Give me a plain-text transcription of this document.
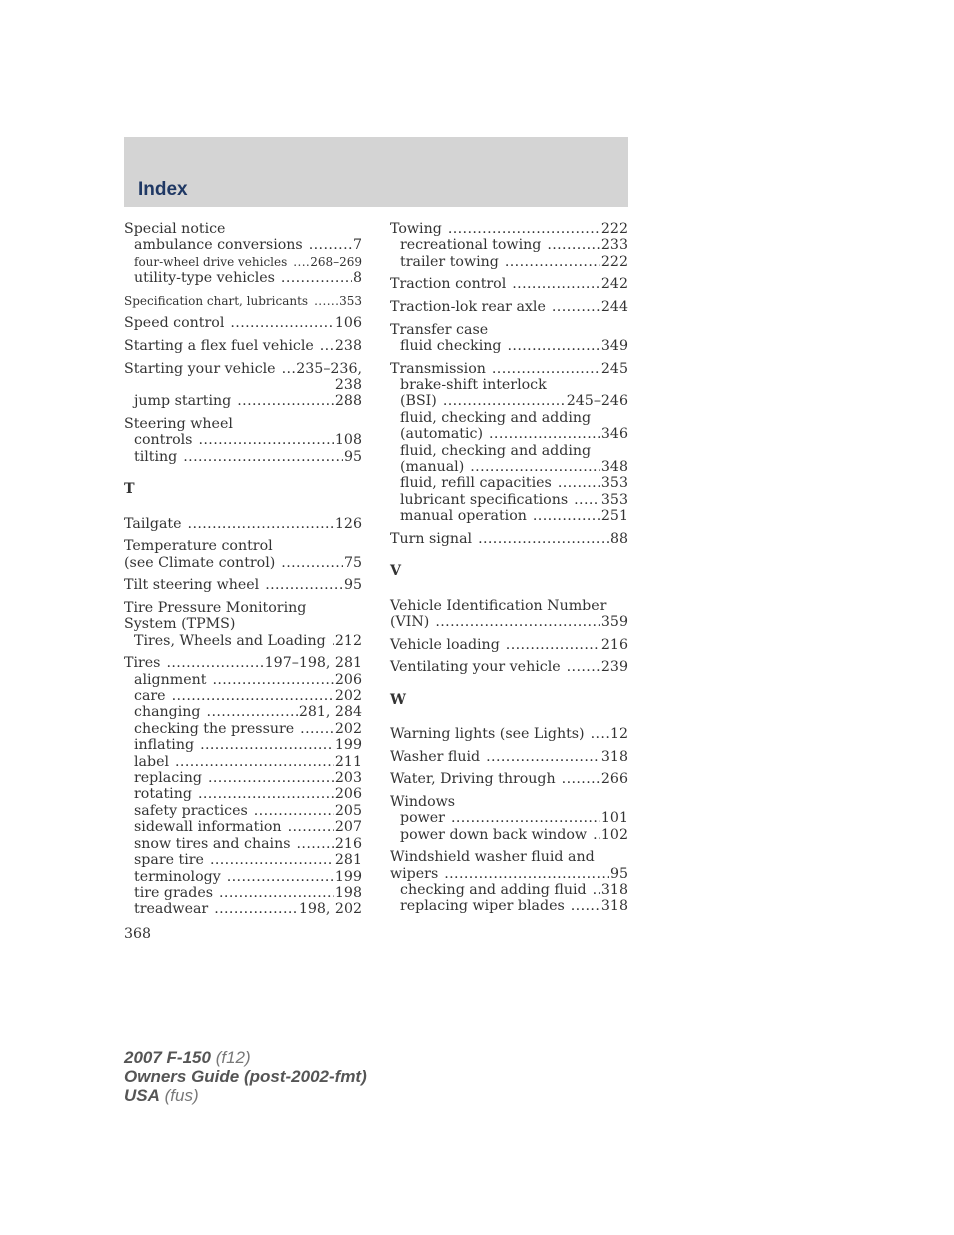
Index
Special notice
ambulance conversions .....	7
four-wheel drive vehicles ..... 268–269
utility-type vehicles .....	8
Specification chart, lubricants .....	353
Speed control .....	106
Starting a flex fuel vehicle ..... 238
Starting your vehicle ..... 235–236,
238
jump starting .....	288
Steering wheel
controls .....	108
tilting .....	95
T
Tailgate .....	126
Temperature control
(see Climate control) .....	75
Tilt steering wheel .....	95
Tire Pressure Monitoring
System (TPMS)
Tires, Wheels and Loading ..... 212
Tires .....	197–198, 281
alignment .....	206
care .....	202
changing .....	281, 284
checking the pressure .....	202
inflating .....	199
label .....	211
replacing .....	203
rotating .....	206
safety practices .....	205
sidewall information .....	207
snow tires and chains .....	216
spare tire .....	281
terminology .....	199
tire grades .....	198
treadwear .....	198, 202
Towing .....	222
recreational towing .....	233
trailer towing .....	222
Traction control .....	242
Traction-lok rear axle .....	244
Transfer case
fluid checking .....	349
Transmission .....	245
brake-shift interlock
(BSI) .....	245–246
fluid, checking and adding
(automatic) .....	346
fluid, checking and adding
(manual) .....	348
fluid, refill capacities .....	353
lubricant specifications ..... 353
manual operation .....	251
Turn signal .....	88
V
Vehicle Identification Number
(VIN) .....	359
Vehicle loading .....	216
Ventilating your vehicle .....	239
W
Warning lights (see Lights) ..... 12
Washer fluid .....	318
Water, Driving through .....	266
Windows
power .....	101
power down back window ..... 102
Windshield washer fluid and
wipers .....	95
checking and adding fluid ..... 318
replacing wiper blades .....	318
368
2007 F-150 (f12)
Owners Guide (post-2002-fmt)
USA (fus)
